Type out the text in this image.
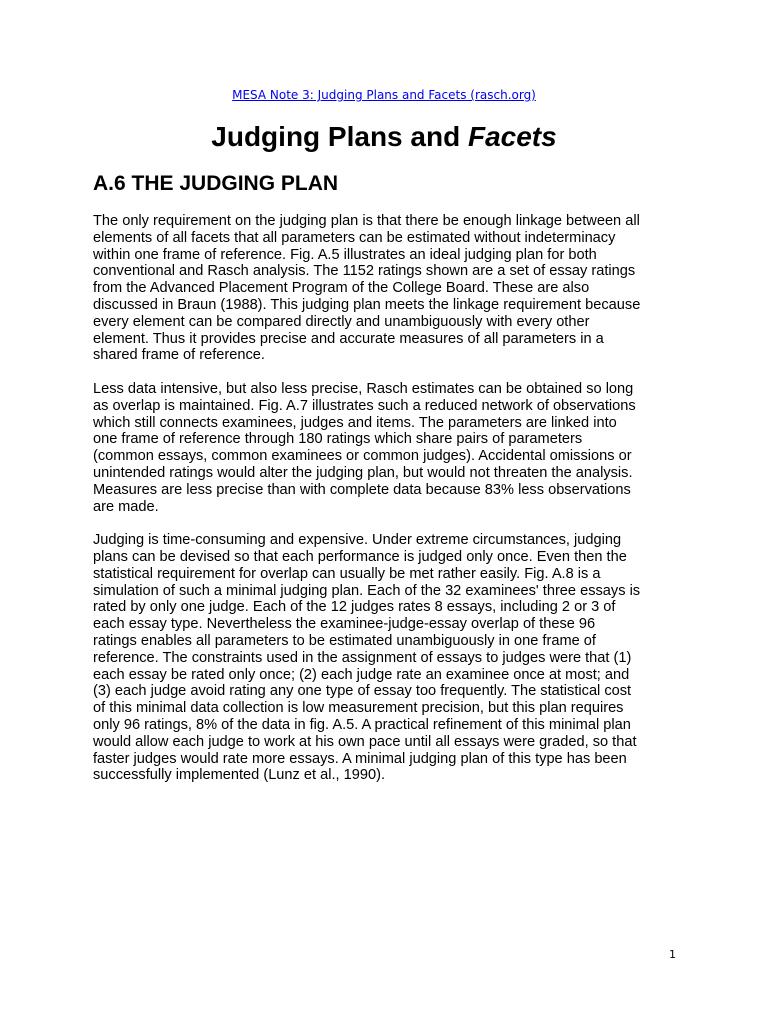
MESA Note 3: Judging Plans and Facets (rasch.org)
Judging Plans and Facets
A.6 THE JUDGING PLAN

The only requirement on the judging plan is that there be enough linkage between all
elements of all facets that all parameters can be estimated without indeterminacy
within one frame of reference. Fig. A.5 illustrates an ideal judging plan for both
conventional and Rasch analysis. The 1152 ratings shown are a set of essay ratings
from the Advanced Placement Program of the College Board. These are also
discussed in Braun (1988). This judging plan meets the linkage requirement because
every element can be compared directly and unambiguously with every other
element. Thus it provides precise and accurate measures of all parameters in a
shared frame of reference.

Less data intensive, but also less precise, Rasch estimates can be obtained so long
as overlap is maintained. Fig. A.7 illustrates such a reduced network of observations
which still connects examinees, judges and items. The parameters are linked into
one frame of reference through 180 ratings which share pairs of parameters
(common essays, common examinees or common judges). Accidental omissions or
unintended ratings would alter the judging plan, but would not threaten the analysis.
Measures are less precise than with complete data because 83% less observations
are made.

Judging is time-consuming and expensive. Under extreme circumstances, judging
plans can be devised so that each performance is judged only once. Even then the
statistical requirement for overlap can usually be met rather easily. Fig. A.8 is a
simulation of such a minimal judging plan. Each of the 32 examinees' three essays is
rated by only one judge. Each of the 12 judges rates 8 essays, including 2 or 3 of
each essay type. Nevertheless the examinee-judge-essay overlap of these 96
ratings enables all parameters to be estimated unambiguously in one frame of
reference. The constraints used in the assignment of essays to judges were that (1)
each essay be rated only once; (2) each judge rate an examinee once at most; and
(3) each judge avoid rating any one type of essay too frequently. The statistical cost
of this minimal data collection is low measurement precision, but this plan requires
only 96 ratings, 8% of the data in fig. A.5. A practical refinement of this minimal plan
would allow each judge to work at his own pace until all essays were graded, so that
faster judges would rate more essays. A minimal judging plan of this type has been
successfully implemented (Lunz et al., 1990).

1
